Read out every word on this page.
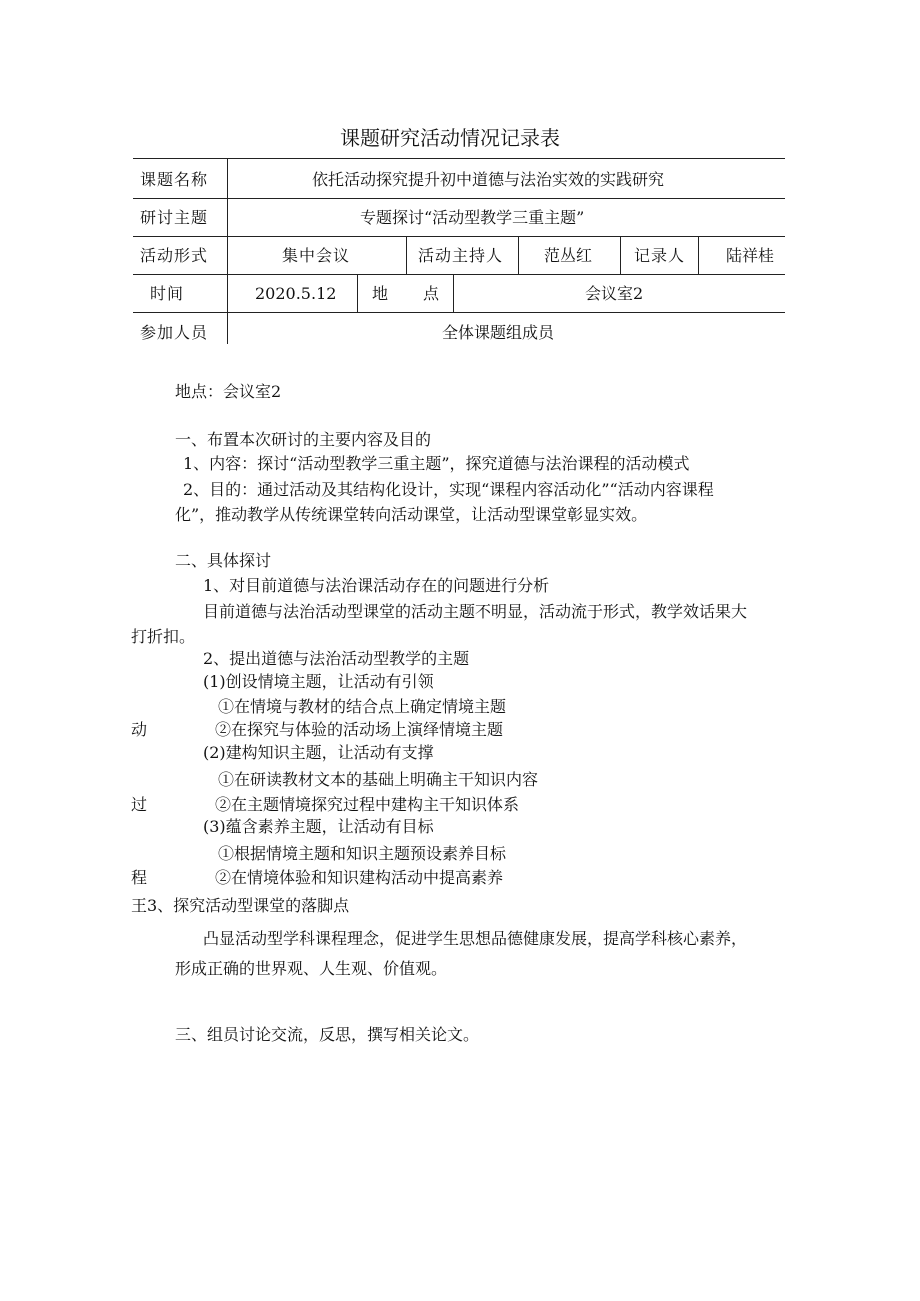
课题研究活动情况记录表
课题名称	依托活动探究提升初中道德与法治实效的实践研究
研讨主题	专题探讨“活动型教学三重主题”
活动形式	集中会议	活动主持人	范丛红	记录人	陆祥桂
时间	2020.5.12 地　　点	会议室2
参加人员	全体课题组成员
地点：会议室2
一、布置本次研讨的主要内容及目的
1、内容：探讨“活动型教学三重主题”，探究道德与法治课程的活动模式
2、目的：通过活动及其结构化设计，实现“课程内容活动化”“活动内容课程
化”，推动教学从传统课堂转向活动课堂，让活动型课堂彰显实效。
二、具体探讨
1、对目前道德与法治课活动存在的问题进行分析
目前道德与法治活动型课堂的活动主题不明显，活动流于形式，教学效话果大
打折扣。
2、提出道德与法治活动型教学的主题
(1)创设情境主题，让活动有引领
①在情境与教材的结合点上确定情境主题
动	②在探究与体验的活动场上演绎情境主题
(2)建构知识主题，让活动有支撑
①在研读教材文本的基础上明确主干知识内容
过	②在主题情境探究过程中建构主干知识体系
(3)蕴含素养主题，让活动有目标
①根据情境主题和知识主题预设素养目标
程	②在情境体验和知识建构活动中提高素养
王3、探究活动型课堂的落脚点
凸显活动型学科课程理念，促进学生思想品德健康发展，提高学科核心素养，
形成正确的世界观、人生观、价值观。
三、组员讨论交流，反思，撰写相关论文。
